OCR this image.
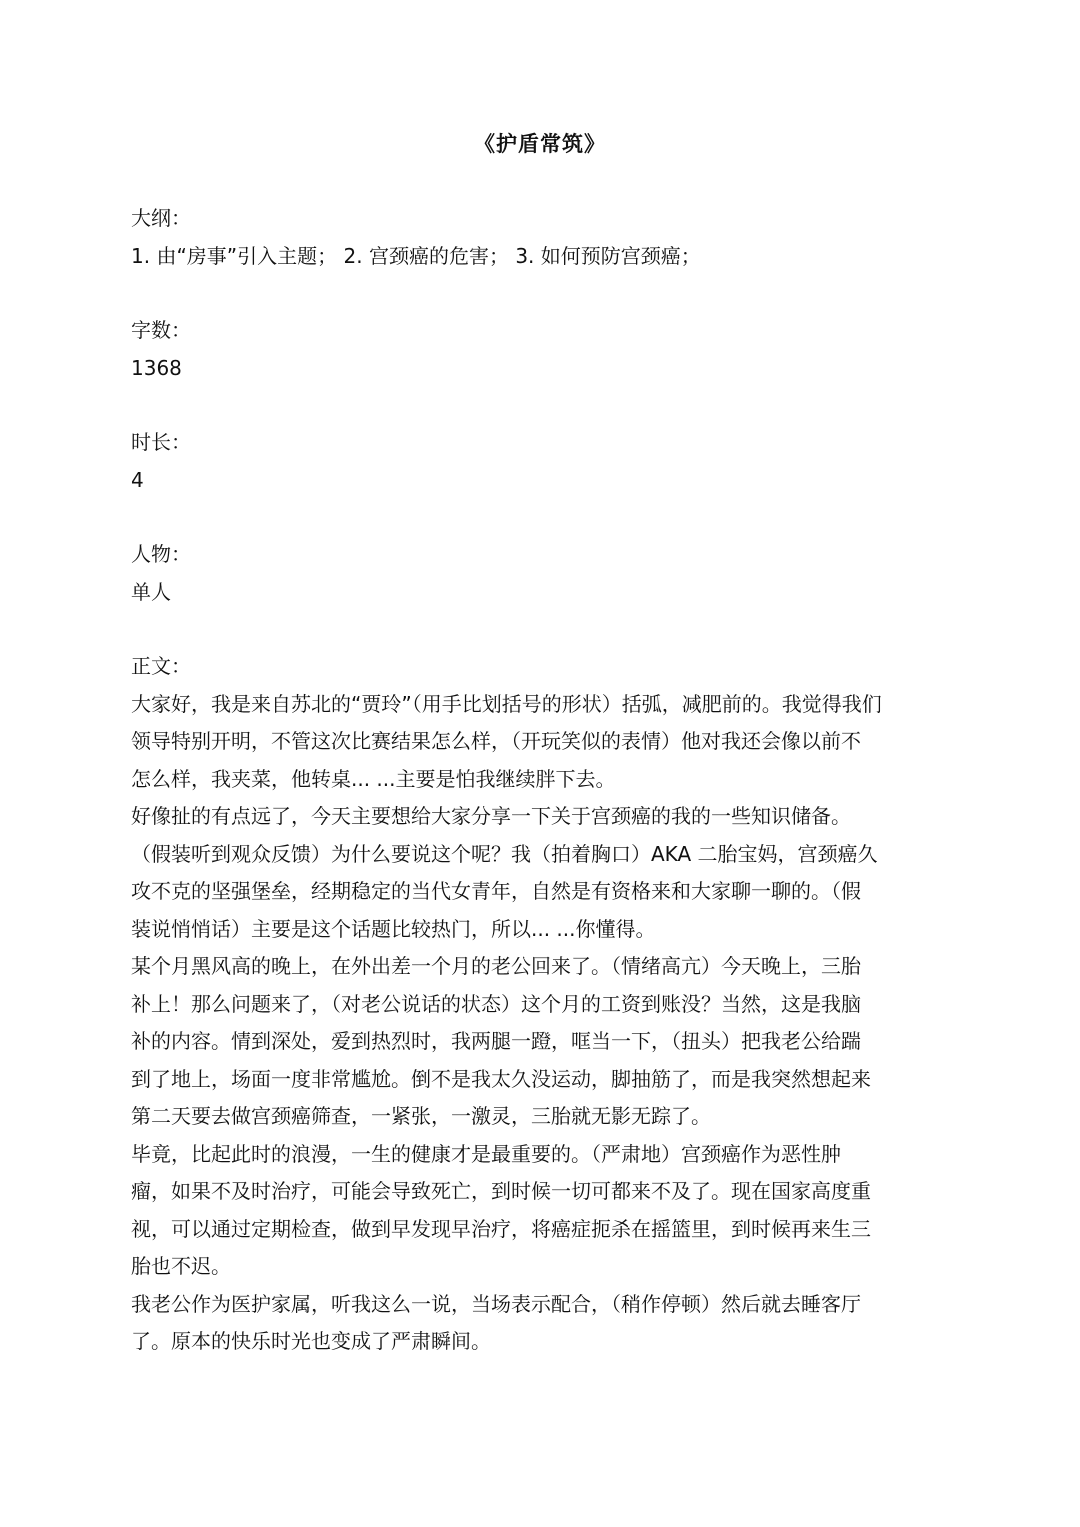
《护盾常筑》
大纲：
1. 由“房事”引入主题； 2. 宫颈癌的危害； 3. 如何预防宫颈癌；
字数：
1368
时长：
4
人物：
单人
正文：
大家好，我是来自苏北的“贾玲”（用手比划括号的形状）括弧，减肥前的。我觉得我们
领导特别开明，不管这次比赛结果怎么样，（开玩笑似的表情）他对我还会像以前不
怎么样，我夹菜，他转桌... ...主要是怕我继续胖下去。
好像扯的有点远了，今天主要想给大家分享一下关于宫颈癌的我的一些知识储备。
（假装听到观众反馈）为什么要说这个呢？我（拍着胸口）AKA 二胎宝妈，宫颈癌久
攻不克的坚强堡垒，经期稳定的当代女青年，自然是有资格来和大家聊一聊的。（假
装说悄悄话）主要是这个话题比较热门，所以... ...你懂得。
某个月黑风高的晚上，在外出差一个月的老公回来了。（情绪高亢）今天晚上，三胎
补上！那么问题来了，（对老公说话的状态）这个月的工资到账没？当然，这是我脑
补的内容。情到深处，爱到热烈时，我两腿一蹬，哐当一下，（扭头）把我老公给踹
到了地上，场面一度非常尴尬。倒不是我太久没运动，脚抽筋了，而是我突然想起来
第二天要去做宫颈癌筛查，一紧张，一激灵，三胎就无影无踪了。
毕竟，比起此时的浪漫，一生的健康才是最重要的。（严肃地）宫颈癌作为恶性肿
瘤，如果不及时治疗，可能会导致死亡，到时候一切可都来不及了。现在国家高度重
视，可以通过定期检查，做到早发现早治疗，将癌症扼杀在摇篮里，到时候再来生三
胎也不迟。
我老公作为医护家属，听我这么一说，当场表示配合，（稍作停顿）然后就去睡客厅
了。原本的快乐时光也变成了严肃瞬间。
